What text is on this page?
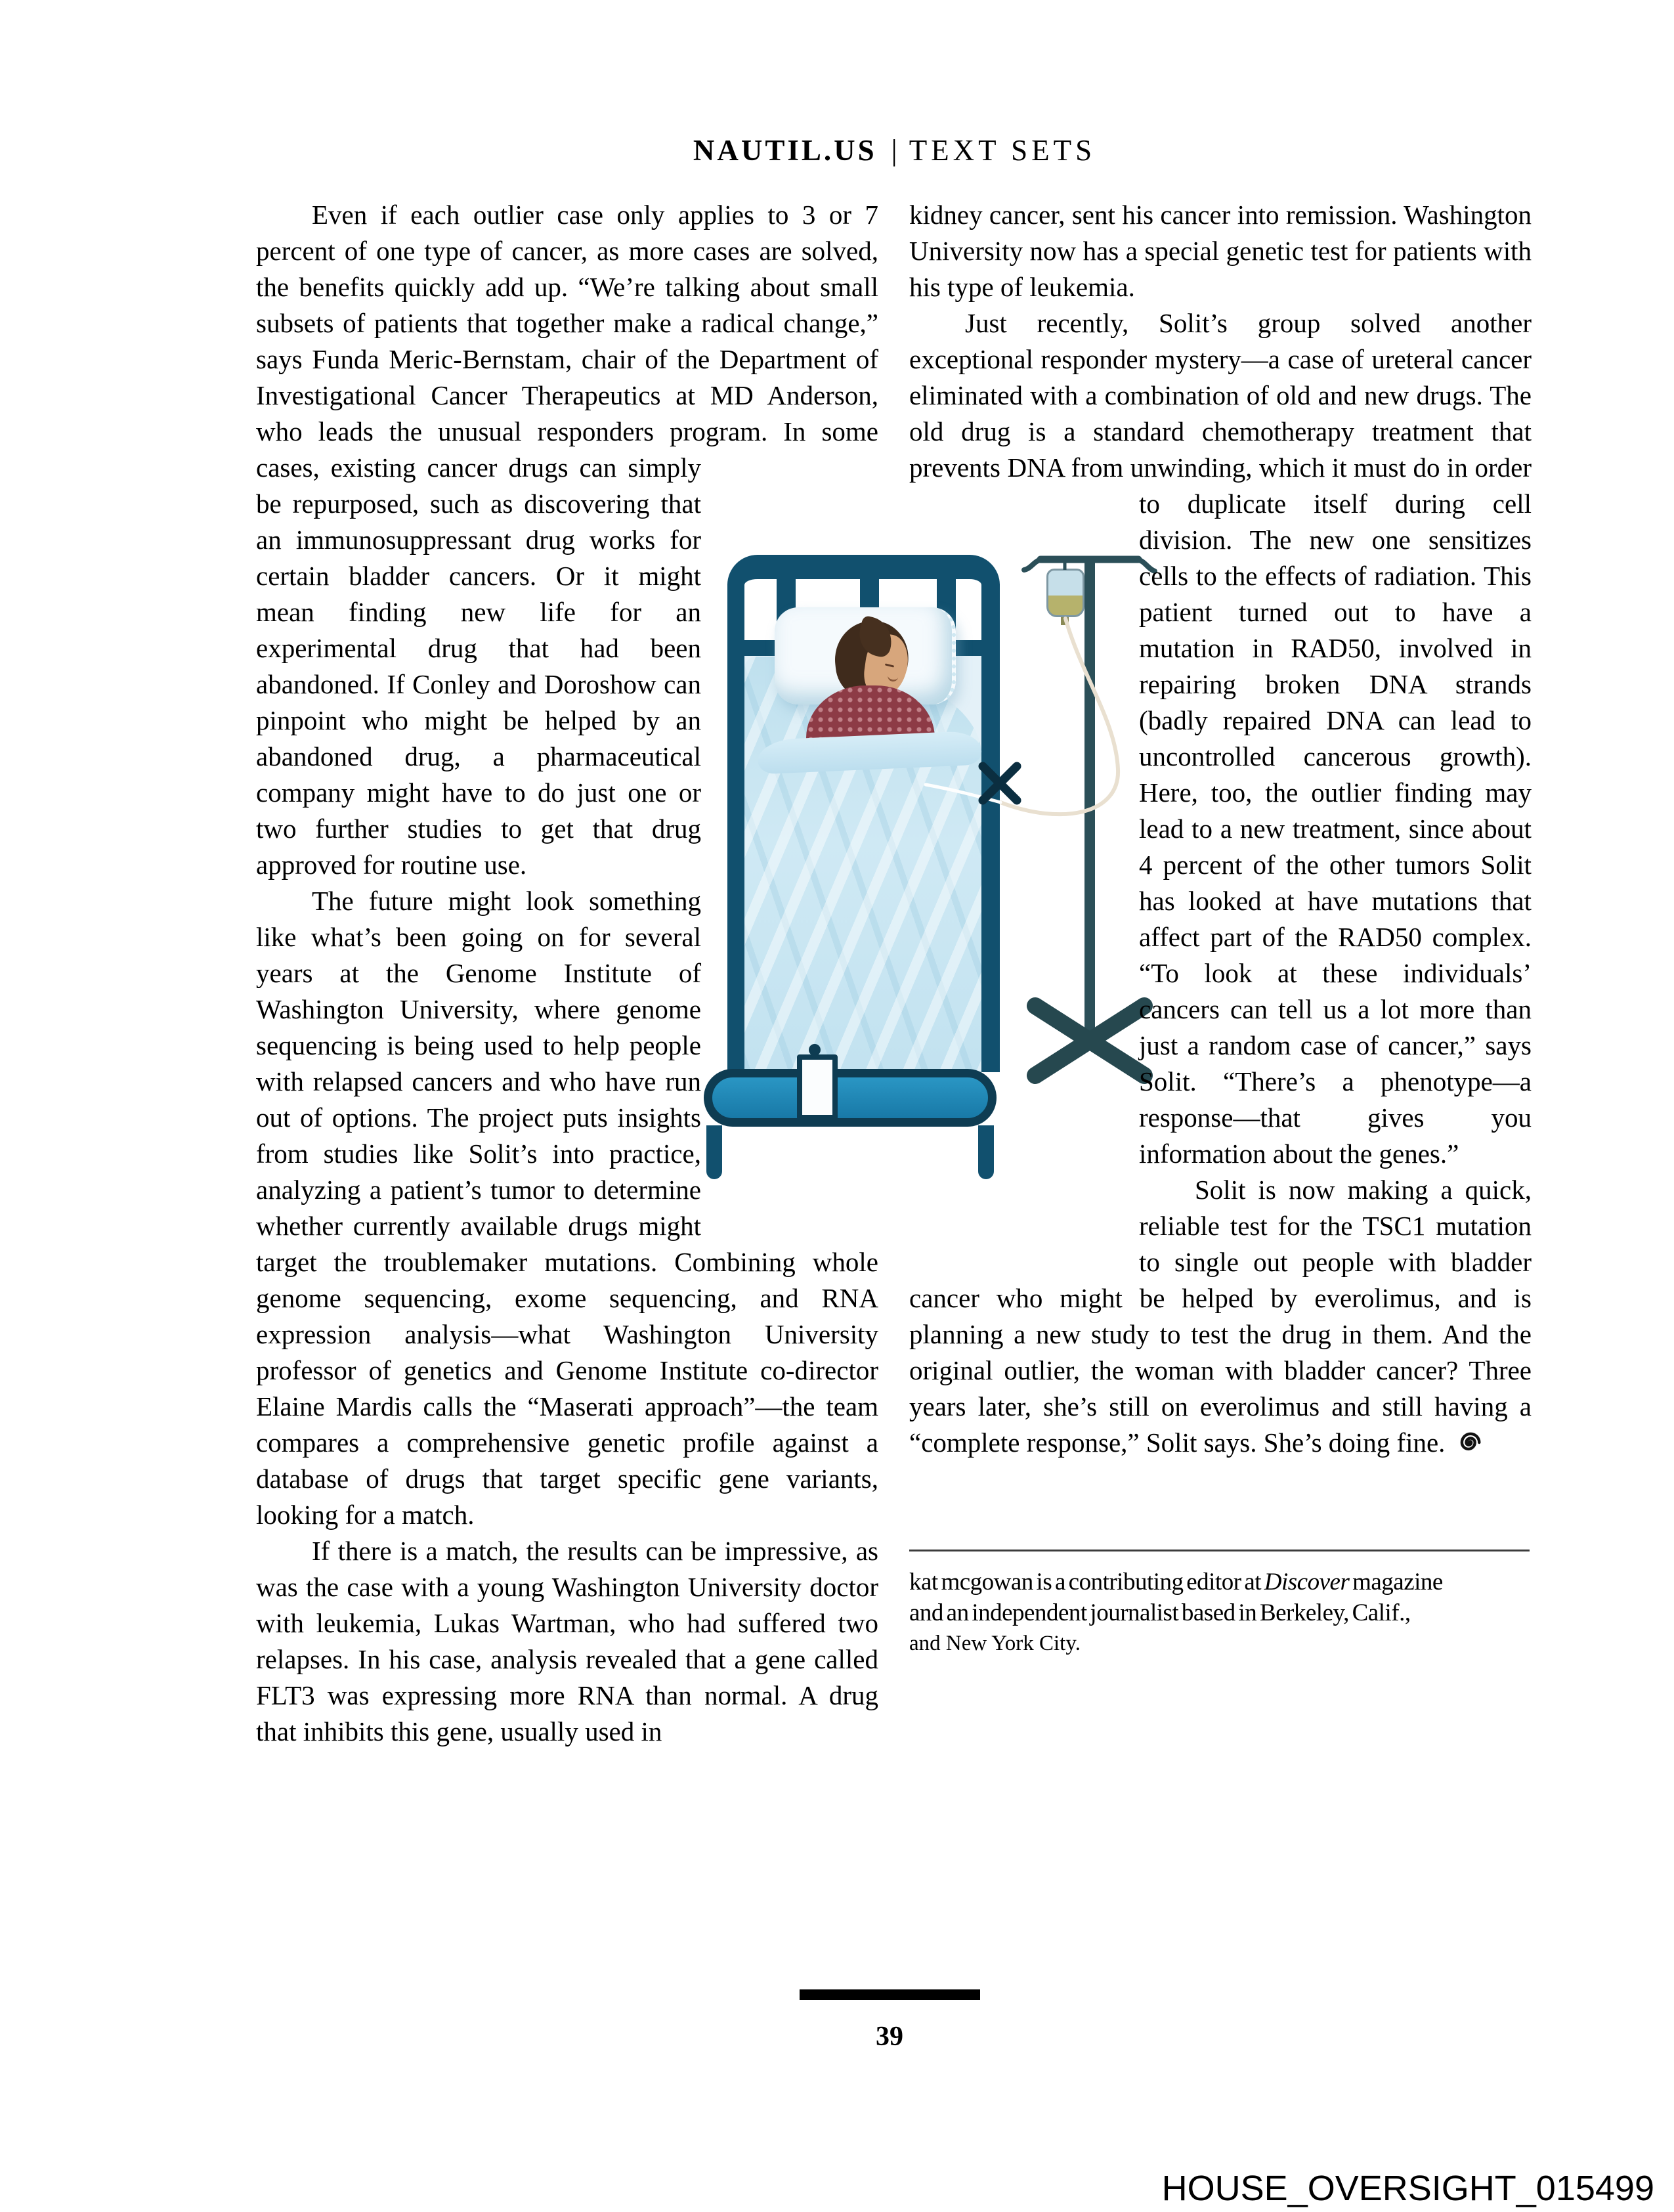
NAUTIL.US | TEXT SETS

Even if each outlier case only applies to 3 or 7 percent of one type of cancer, as more cases are solved, the benefits quickly add up. “We’re talking about small subsets of patients that together make a radical change,” says Funda Meric-Bernstam, chair of the Department of Investigational Cancer Therapeutics at MD Anderson, who leads the unusual responders program. In some cases, existing cancer drugs can simply
be repurposed, such as discovering that an immunosuppressant drug works for certain bladder cancers. Or it might mean finding new life for an experimental drug that had been abandoned. If Conley and Doroshow can pinpoint who might be helped by an abandoned drug, a pharmaceutical company might have to do just one or two further studies to get that drug approved for routine use.

The future might look something like what’s been going on for several years at the Genome Institute of Washington University, where genome sequencing is being used to help people with relapsed cancers and who have run out of options. The project puts insights from studies like Solit’s into practice, analyzing a patient’s tumor to determine whether currently available drugs might target the troublemaker mutations. Combining whole genome sequencing, exome sequencing, and RNA expression analysis—what Washington University professor of genetics and Genome Institute co-director Elaine Mardis calls the “Maserati approach”—the team compares a comprehensive genetic profile against a database of drugs that target specific gene variants, looking for a match.

If there is a match, the results can be impressive, as was the case with a young Washington University doctor with leukemia, Lukas Wartman, who had suffered two relapses. In his case, analysis revealed that a gene called FLT3 was expressing more RNA than normal. A drug that inhibits this gene, usually used in

kidney cancer, sent his cancer into remission. Washington University now has a special genetic test for patients with his type of leukemia.

Just recently, Solit’s group solved another exceptional responder mystery—a case of ureteral cancer eliminated with a combination of old and new drugs. The old drug is a standard chemotherapy treatment that prevents DNA from unwinding, which it must do
in order to duplicate itself during cell division. The new one sensitizes cells to the effects of radiation. This patient turned out to have a mutation in RAD50, involved in repairing broken DNA strands (badly repaired DNA can lead to uncontrolled cancerous growth). Here, too, the outlier finding may lead to a new treatment, since about 4 percent of the other tumors Solit has looked at have mutations that affect part of the RAD50 complex. “To look at these individuals’ cancers can tell us a lot more than just a random case of cancer,” says Solit. “There’s a phenotype—a response—that gives you information about the genes.”

Solit is now making a quick, reliable test for the TSC1 mutation to single out people with bladder cancer who might be helped by everolimus, and is planning a new study to test the drug in them. And the original outlier, the woman with bladder cancer? Three years later, she’s still on everolimus and still having a “complete response,” Solit says. She’s doing fine.

kat mcgowan is a contributing editor at Discover magazine
and an independent journalist based in Berkeley, Calif.,
and New York City.
39
HOUSE_OVERSIGHT_015499
